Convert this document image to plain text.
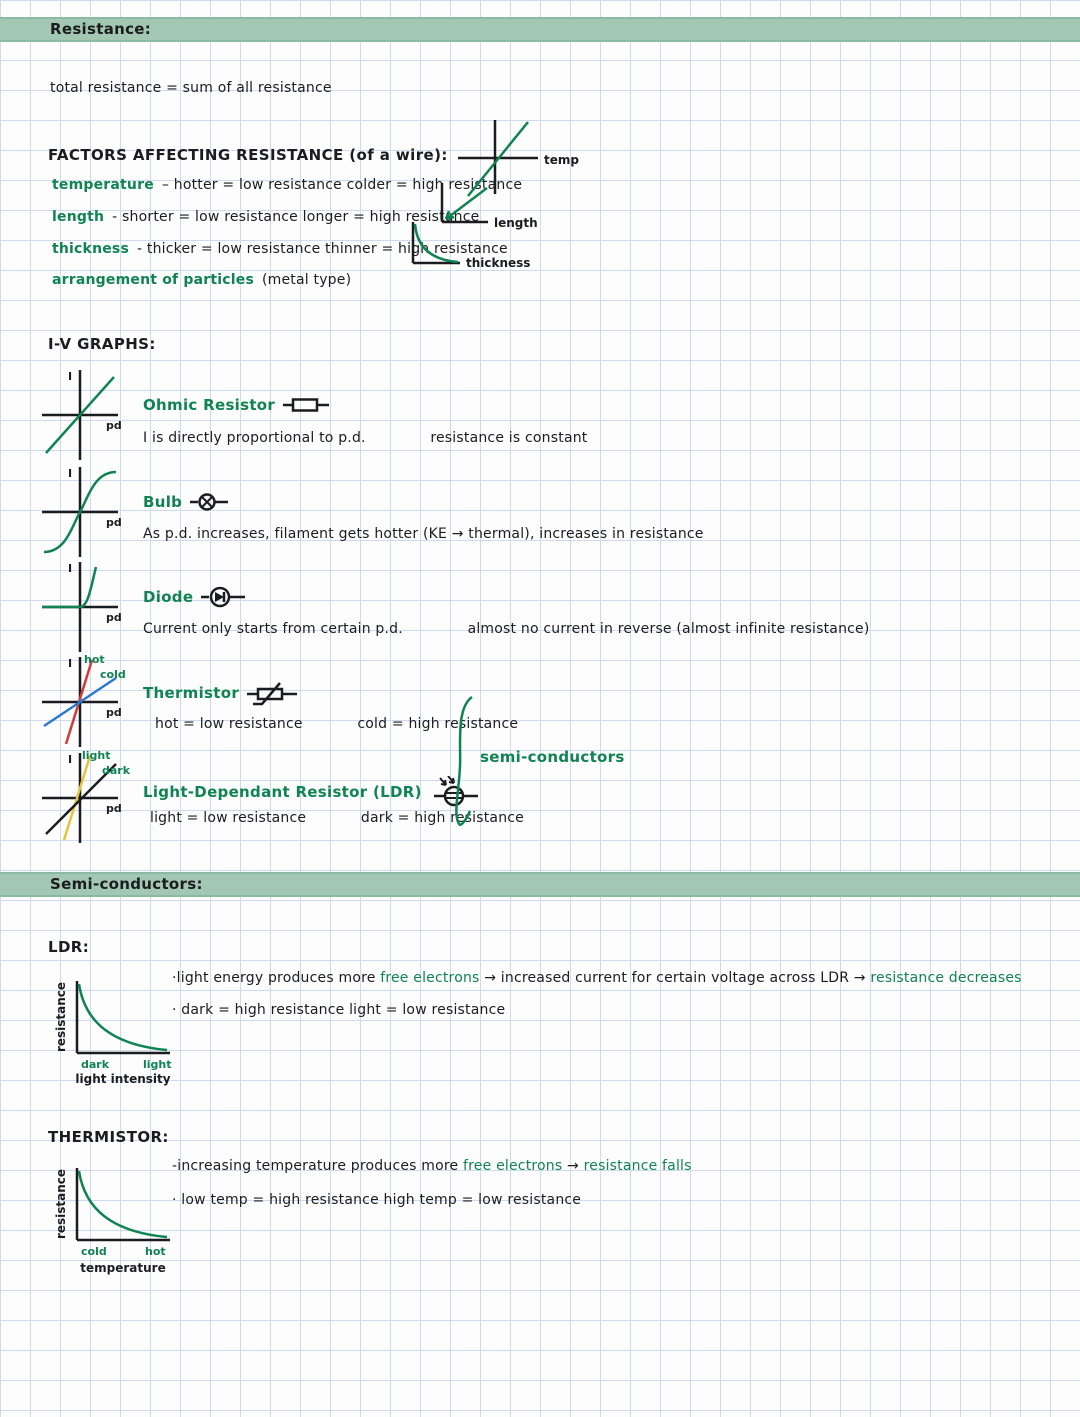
Resistance:
total resistance = sum of all resistance
FACTORS AFFECTING RESISTANCE (of a wire):
temperature – hotter = low resistance colder = high resistance
length - shorter = low resistance longer = high resistance
thickness - thicker = low resistance thinner = high resistance
arrangement of particles (metal type)
temp
length
thickness
I-V GRAPHS:
I
pd
Ohmic Resistor
I is directly proportional to p.d.	resistance is constant
I
pd
Bulb
As p.d. increases, filament gets hotter (KE → thermal), increases in resistance
I
pd
Diode
Current only starts from certain p.d.	almost no current in reverse (almost infinite resistance)
I
pd
hot
cold
Thermistor
hot = low resistance	cold = high resistance
I
pd
light
dark
Light-Dependant Resistor (LDR)
light = low resistance	dark = high resistance
semi-conductors
Semi-conductors:
LDR:
resistance
dark	light
light intensity
·light energy produces more free electrons → increased current for certain voltage across LDR → resistance decreases
· dark = high resistance light = low resistance
THERMISTOR:
resistance
cold	hot
temperature
-increasing temperature produces more free electrons → resistance falls
· low temp = high resistance high temp = low resistance
